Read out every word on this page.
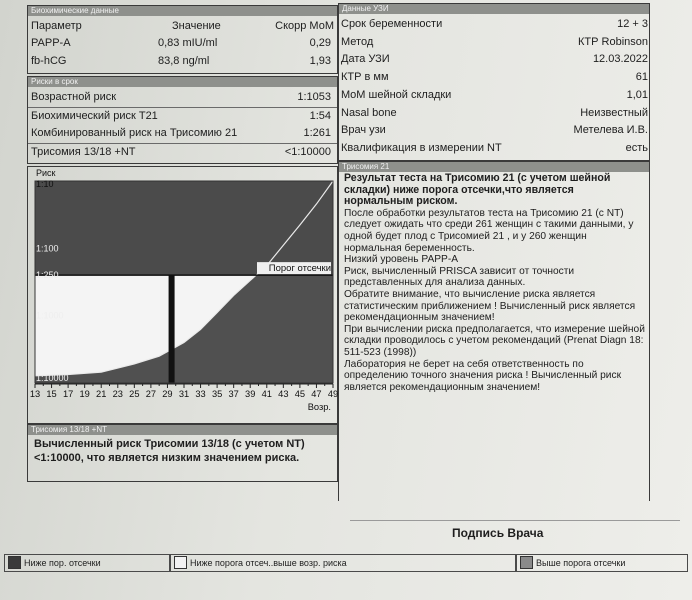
Биохимические данные
Параметр	Значение	Скорр МоМ
PAPP-A	0,83 mIU/ml	0,29
fb-hCG	83,8 ng/ml	1,93
Риски в срок
Возрастной риск	1:1053
Биохимический риск T21	1:54
Комбинированный риск на Трисомию 21	1:261
Трисомия 13/18 +NT	<1:10000
Данные УЗИ
Срок беременности	12 + 3
Метод	КТР Robinson
Дата УЗИ	12.03.2022
КТР в мм	61
MoM шейной складки	1,01
Nasal bone	Неизвестный
Врач узи	Метелева И.В.
Квалификация в измерении NT	есть
Трисомия 21
Результат теста на Трисомию 21 (с учетом шейной складки) ниже порога отсечки,что является нормальным риском.
После обработки результатов теста на Трисомию 21 (с NT) следует ожидать что среди 261 женщин с такими данными, у одной будет плод с Трисомией 21 , и у 260 женщин нормальная беременность.
Низкий уровень PAPP-A
Риск, вычисленный PRISCA зависит от точности представленных для анализа данных.
Обратите внимание, что вычисление риска является статистическим приближением ! Вычисленный риск является рекомендационным значением!
При вычислении риска предполагается, что измерение шейной складки проводилось с учетом рекомендаций (Prenat Diagn 18: 511-523 (1998))
Лаборатория не берет на себя ответственность по определению точного значения риска ! Вычисленный риск является рекомендационным значением!
Риск
1:10
1:100
1:250
1:1000
1:10000
Порог отсечки
13 15 17 19 21 23 25 27 29 31 33 35 37 39 41 43 45 47 49
Возр.
Трисомия 13/18 +NT
Вычисленный риск Трисомии 13/18 (с учетом NT) <1:10000, что является низким значением риска.
Подпись Врача
Ниже пор. отсечки	Ниже порога отсеч..выше возр. риска	Выше порога отсечки
